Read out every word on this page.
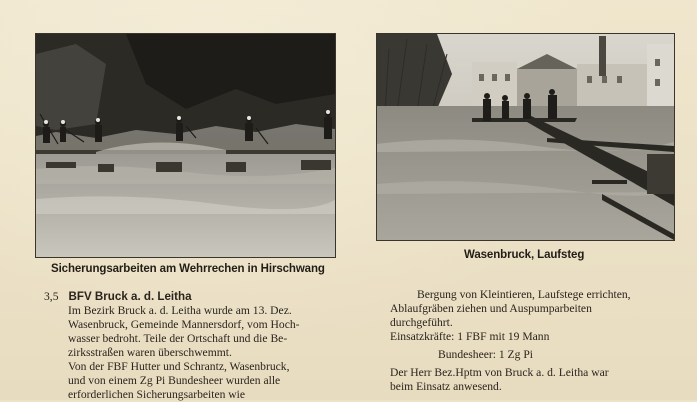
Sicherungsarbeiten am Wehrrechen in Hirschwang
Wasenbruck, Laufsteg
3,5 BFV Bruck a. d. Leitha
Im Bezirk Bruck a. d. Leitha wurde am 13. Dez.
Wasenbruck, Gemeinde Mannersdorf, vom Hoch-
wasser bedroht. Teile der Ortschaft und die Be-
zirksstraßen waren überschwemmt.
Von der FBF Hutter und Schrantz, Wasenbruck,
und von einem Zg Pi Bundesheer wurden alle
erforderlichen Sicherungsarbeiten wie
Bergung von Kleintieren, Laufstege errichten,
Ablaufgräben ziehen und Auspumparbeiten
durchgeführt.
Einsatzkräfte: 1 FBF mit 19 Mann
Bundesheer: 1 Zg Pi
Der Herr Bez.Hptm von Bruck a. d. Leitha war
beim Einsatz anwesend.
